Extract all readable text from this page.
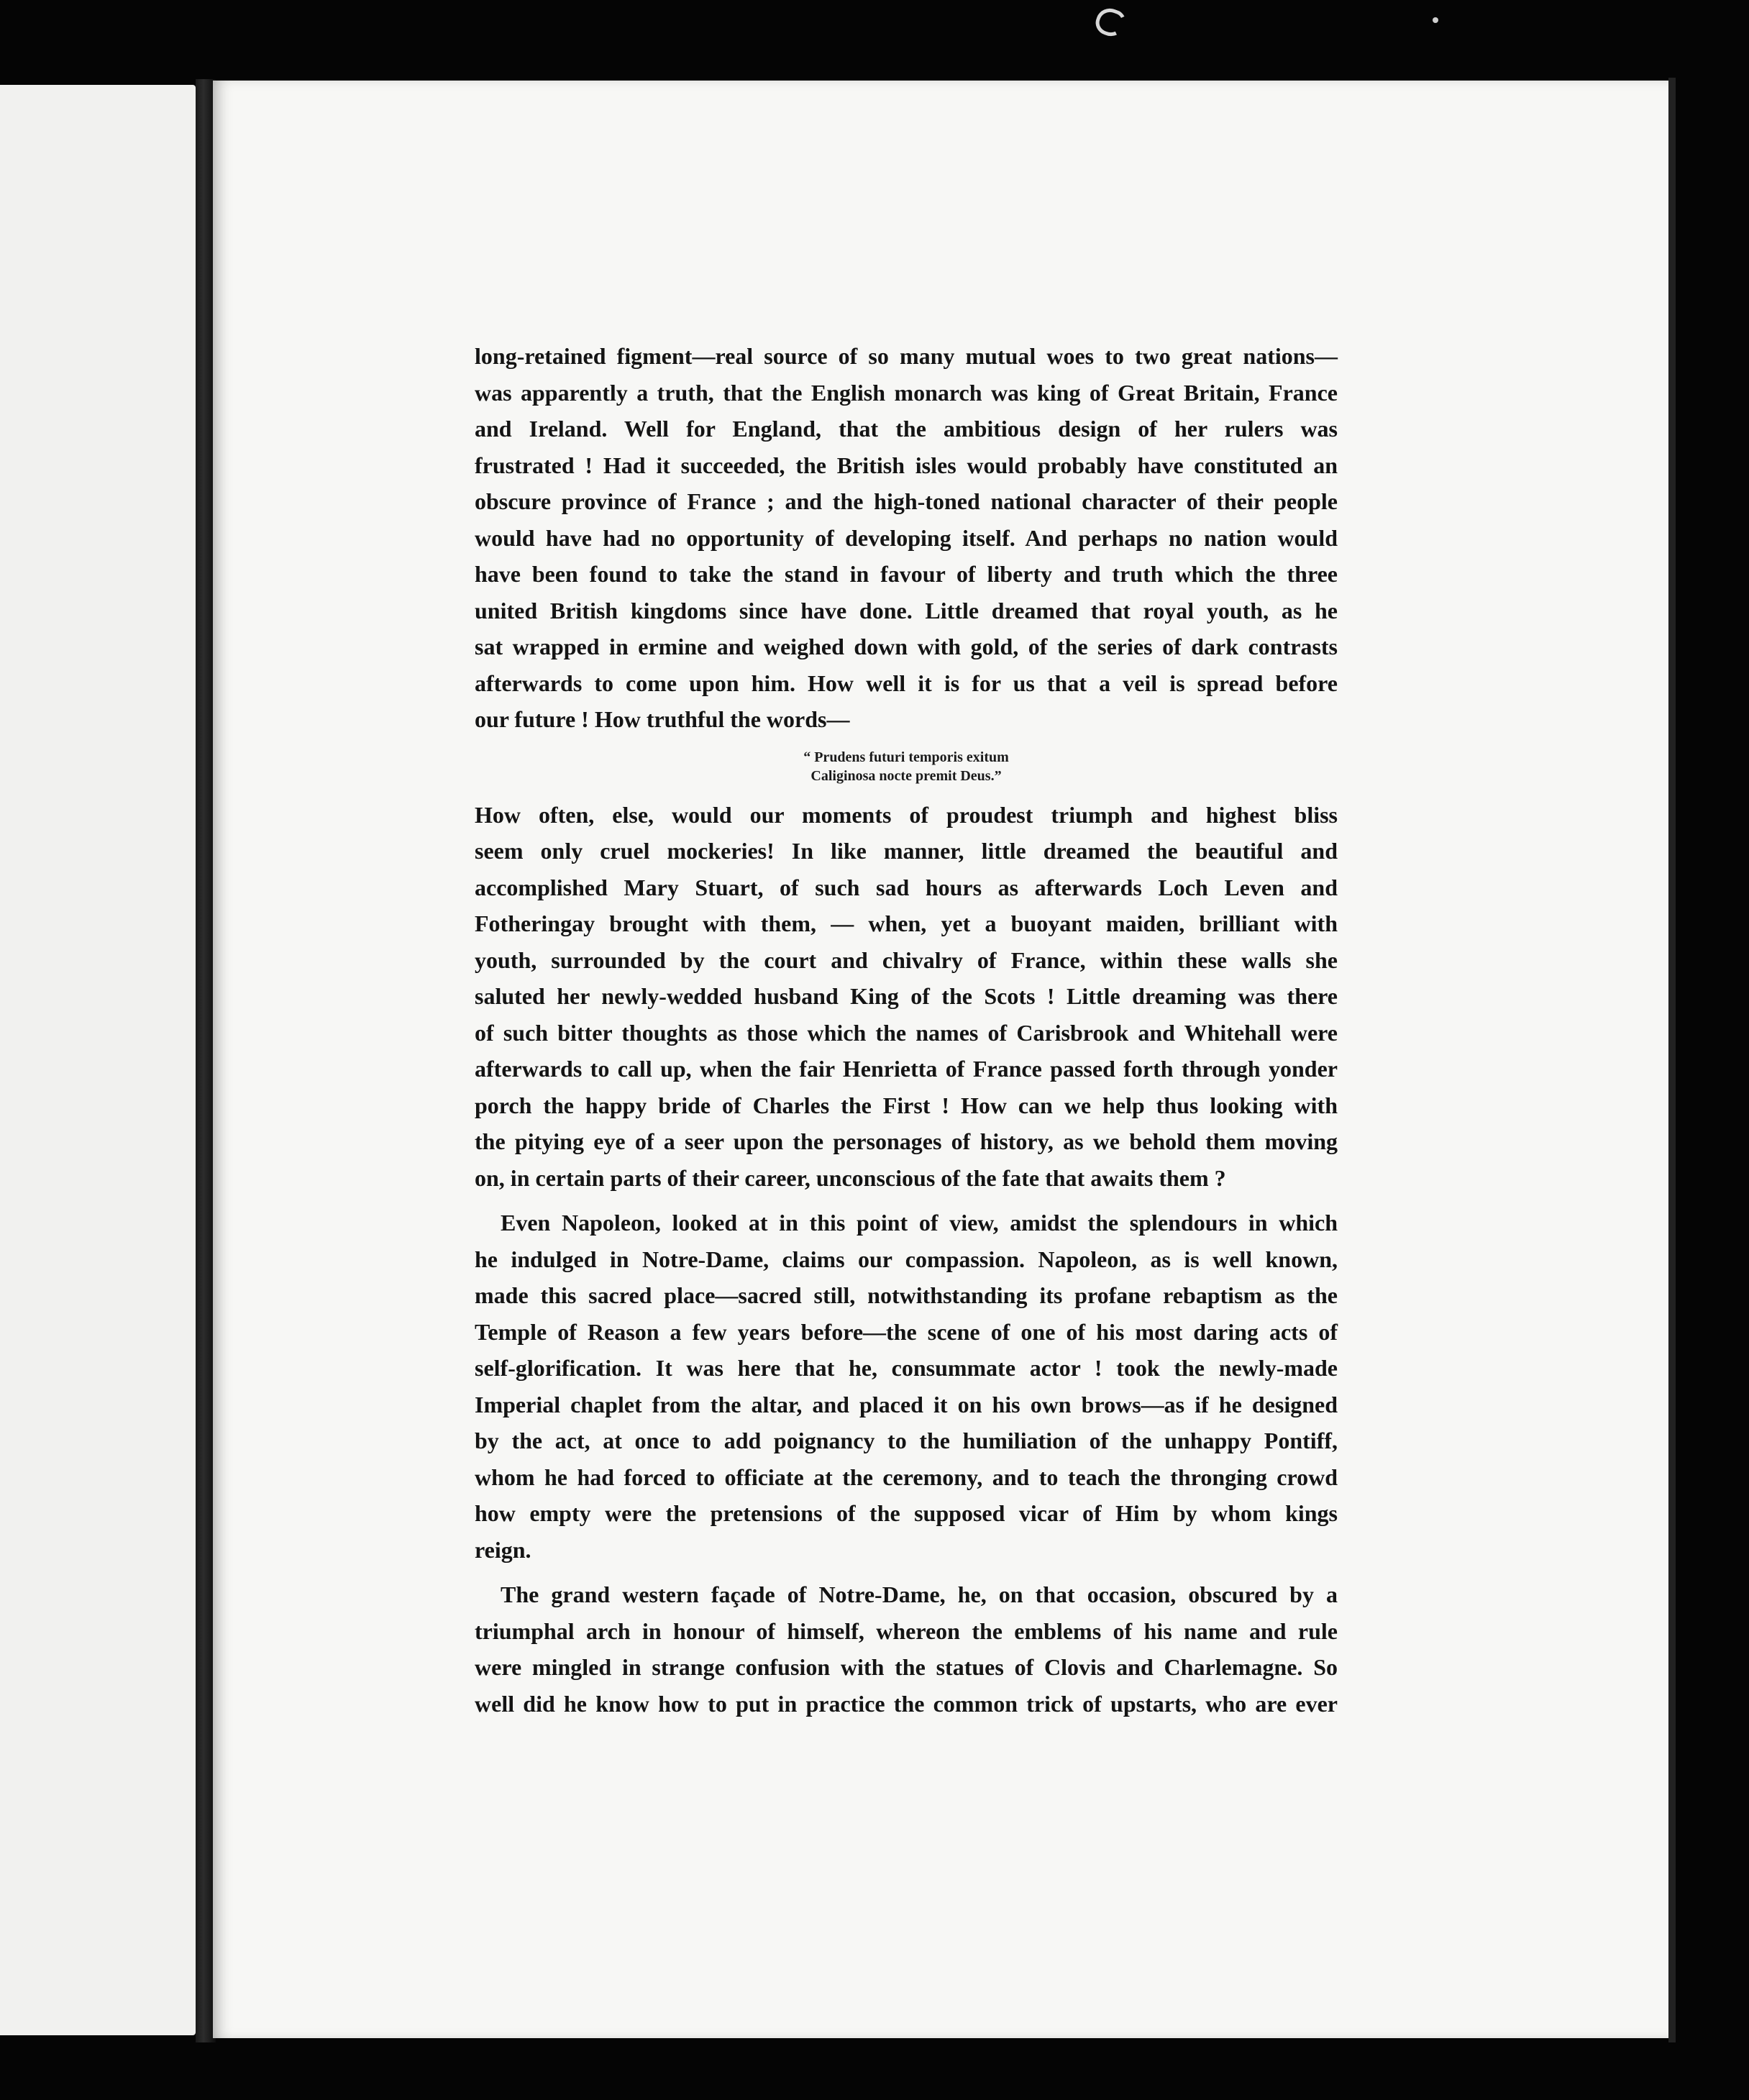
long-retained figment—real source of so many mutual woes to two great nations—
was apparently a truth, that the English monarch was king of Great Britain, France
and Ireland. Well for England, that the ambitious design of her rulers was
frustrated ! Had it succeeded, the British isles would probably have constituted an
obscure province of France ; and the high-toned national character of their people
would have had no opportunity of developing itself. And perhaps no nation would
have been found to take the stand in favour of liberty and truth which the three
united British kingdoms since have done. Little dreamed that royal youth, as he
sat wrapped in ermine and weighed down with gold, of the series of dark contrasts
afterwards to come upon him. How well it is for us that a veil is spread before
our future ! How truthful the words—
“ Prudens futuri temporis exitum
Caliginosa nocte premit Deus.”
How often, else, would our moments of proudest triumph and highest bliss
seem only cruel mockeries! In like manner, little dreamed the beautiful and
accomplished Mary Stuart, of such sad hours as afterwards Loch Leven and
Fotheringay brought with them, — when, yet a buoyant maiden, brilliant with
youth, surrounded by the court and chivalry of France, within these walls she
saluted her newly-wedded husband King of the Scots ! Little dreaming was there
of such bitter thoughts as those which the names of Carisbrook and Whitehall were
afterwards to call up, when the fair Henrietta of France passed forth through yonder
porch the happy bride of Charles the First ! How can we help thus looking with
the pitying eye of a seer upon the personages of history, as we behold them moving
on, in certain parts of their career, unconscious of the fate that awaits them ?
Even Napoleon, looked at in this point of view, amidst the splendours in which
he indulged in Notre-Dame, claims our compassion. Napoleon, as is well known,
made this sacred place—sacred still, notwithstanding its profane rebaptism as the
Temple of Reason a few years before—the scene of one of his most daring acts of
self-glorification. It was here that he, consummate actor ! took the newly-made
Imperial chaplet from the altar, and placed it on his own brows—as if he designed
by the act, at once to add poignancy to the humiliation of the unhappy Pontiff,
whom he had forced to officiate at the ceremony, and to teach the thronging crowd
how empty were the pretensions of the supposed vicar of Him by whom kings
reign.
The grand western façade of Notre-Dame, he, on that occasion, obscured by a
triumphal arch in honour of himself, whereon the emblems of his name and rule
were mingled in strange confusion with the statues of Clovis and Charlemagne. So
well did he know how to put in practice the common trick of upstarts, who are ever
